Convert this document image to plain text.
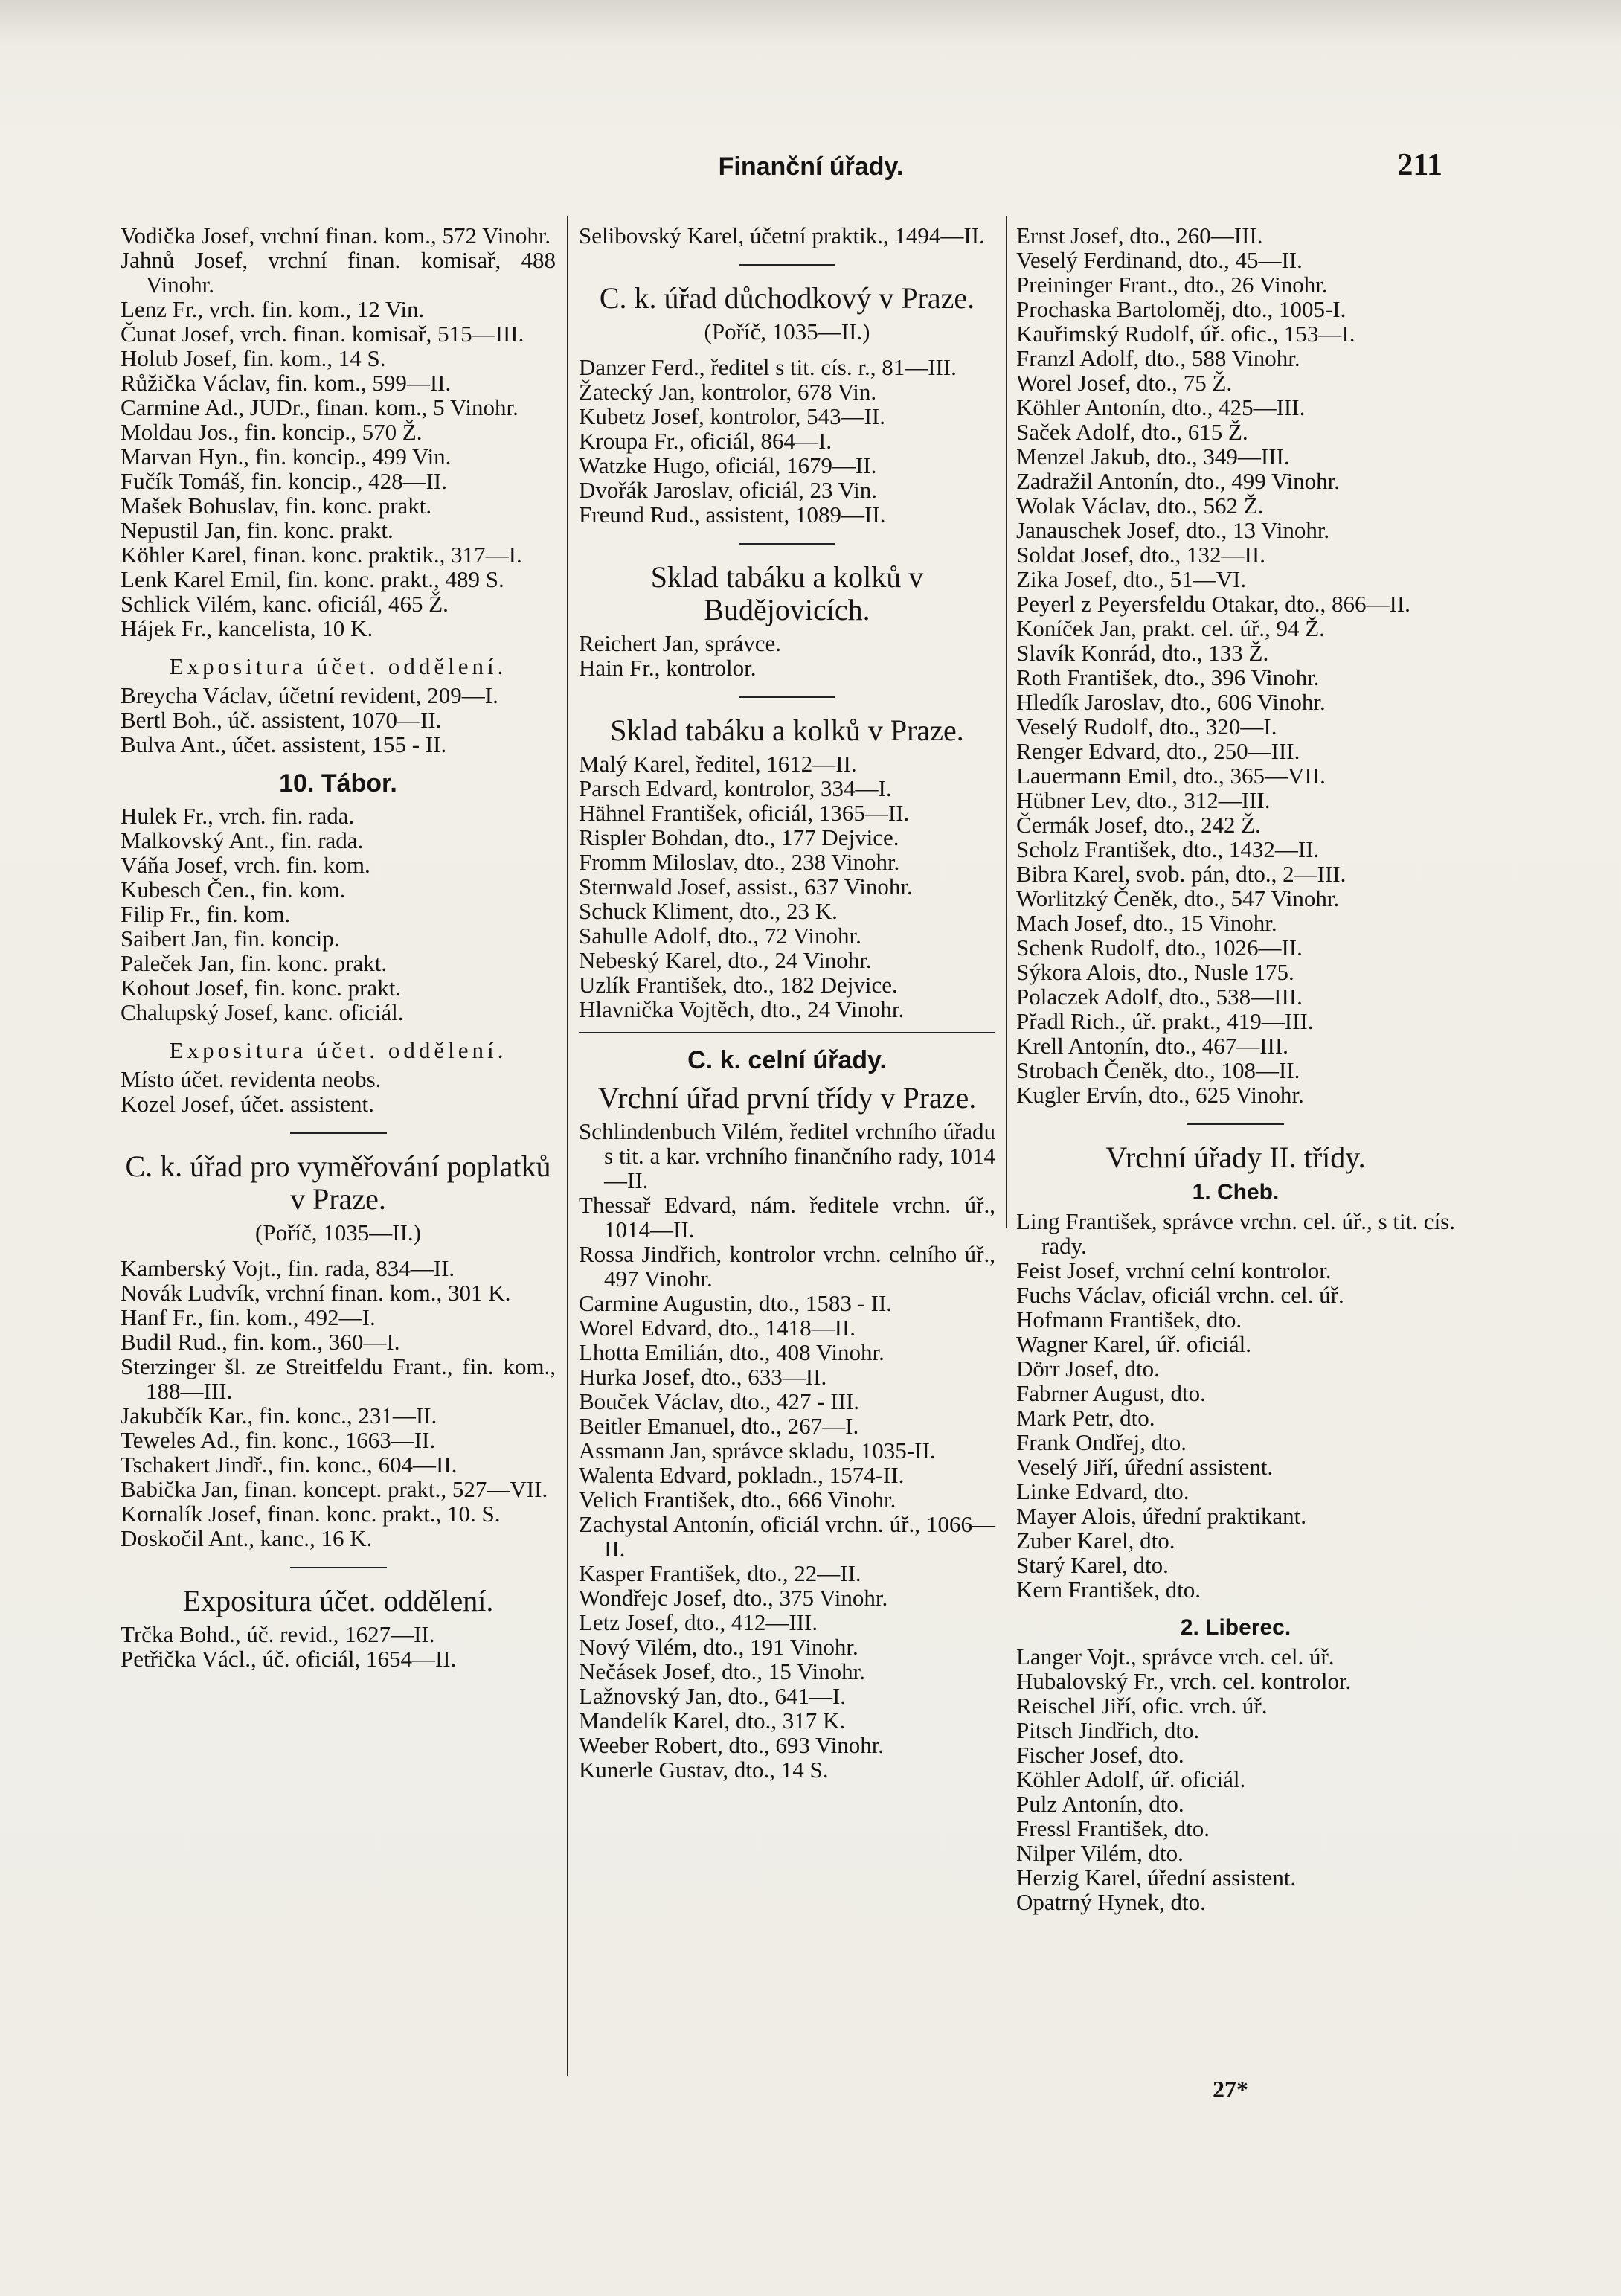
Finanční úřady.	211
Vodička Josef, vrchní finan. kom., 572 Vinohr.
Jahnů Josef, vrchní finan. komisař, 488 Vinohr.
Lenz Fr., vrch. fin. kom., 12 Vin.
Čunat Josef, vrch. finan. komisař, 515—III.
Holub Josef, fin. kom., 14 S.
Růžička Václav, fin. kom., 599—II.
Carmine Ad., JUDr., finan. kom., 5 Vinohr.
Moldau Jos., fin. koncip., 570 Ž.
Marvan Hyn., fin. koncip., 499 Vin.
Fučík Tomáš, fin. koncip., 428—II.
Mašek Bohuslav, fin. konc. prakt.
Nepustil Jan, fin. konc. prakt.
Köhler Karel, finan. konc. praktik., 317—I.
Lenk Karel Emil, fin. konc. prakt., 489 S.
Schlick Vilém, kanc. oficiál, 465 Ž.
Hájek Fr., kancelista, 10 K.
Expositura účet. oddělení.
Breycha Václav, účetní revident, 209—I.
Bertl Boh., úč. assistent, 1070—II.
Bulva Ant., účet. assistent, 155 - II.
10. Tábor.
Hulek Fr., vrch. fin. rada.
Malkovský Ant., fin. rada.
Váňa Josef, vrch. fin. kom.
Kubesch Čen., fin. kom.
Filip Fr., fin. kom.
Saibert Jan, fin. koncip.
Paleček Jan, fin. konc. prakt.
Kohout Josef, fin. konc. prakt.
Chalupský Josef, kanc. oficiál.
Expositura účet. oddělení.
Místo účet. revidenta neobs.
Kozel Josef, účet. assistent.
C. k. úřad pro vyměřování poplatků v Praze.
(Poříč, 1035—II.)
Kamberský Vojt., fin. rada, 834—II.
Novák Ludvík, vrchní finan. kom., 301 K.
Hanf Fr., fin. kom., 492—I.
Budil Rud., fin. kom., 360—I.
Sterzinger šl. ze Streitfeldu Frant., fin. kom., 188—III.
Jakubčík Kar., fin. konc., 231—II.
Teweles Ad., fin. konc., 1663—II.
Tschakert Jindř., fin. konc., 604—II.
Babička Jan, finan. koncept. prakt., 527—VII.
Kornalík Josef, finan. konc. prakt., 10. S.
Doskočil Ant., kanc., 16 K.
Expositura účet. oddělení.
Trčka Bohd., úč. revid., 1627—II.
Petřička Václ., úč. oficiál, 1654—II.
Selibovský Karel, účetní praktik., 1494—II.
C. k. úřad důchodkový v Praze.
(Poříč, 1035—II.)
Danzer Ferd., ředitel s tit. cís. r., 81—III.
Žatecký Jan, kontrolor, 678 Vin.
Kubetz Josef, kontrolor, 543—II.
Kroupa Fr., oficiál, 864—I.
Watzke Hugo, oficiál, 1679—II.
Dvořák Jaroslav, oficiál, 23 Vin.
Freund Rud., assistent, 1089—II.
Sklad tabáku a kolků v Budějovicích.
Reichert Jan, správce.
Hain Fr., kontrolor.
Sklad tabáku a kolků v Praze.
Malý Karel, ředitel, 1612—II.
Parsch Edvard, kontrolor, 334—I.
Hähnel František, oficiál, 1365—II.
Rispler Bohdan, dto., 177 Dejvice.
Fromm Miloslav, dto., 238 Vinohr.
Sternwald Josef, assist., 637 Vinohr.
Schuck Kliment, dto., 23 K.
Sahulle Adolf, dto., 72 Vinohr.
Nebeský Karel, dto., 24 Vinohr.
Uzlík František, dto., 182 Dejvice.
Hlavnička Vojtěch, dto., 24 Vinohr.
C. k. celní úřady.
Vrchní úřad první třídy v Praze.
Schlindenbuch Vilém, ředitel vrchního úřadu s tit. a kar. vrchního finančního rady, 1014—II.
Thessař Edvard, nám. ředitele vrchn. úř., 1014—II.
Rossa Jindřich, kontrolor vrchn. celního úř., 497 Vinohr.
Carmine Augustin, dto., 1583 - II.
Worel Edvard, dto., 1418—II.
Lhotta Emilián, dto., 408 Vinohr.
Hurka Josef, dto., 633—II.
Bouček Václav, dto., 427 - III.
Beitler Emanuel, dto., 267—I.
Assmann Jan, správce skladu, 1035-II.
Walenta Edvard, pokladn., 1574-II.
Velich František, dto., 666 Vinohr.
Zachystal Antonín, oficiál vrchn. úř., 1066—II.
Kasper František, dto., 22—II.
Wondřejc Josef, dto., 375 Vinohr.
Letz Josef, dto., 412—III.
Nový Vilém, dto., 191 Vinohr.
Nečásek Josef, dto., 15 Vinohr.
Lažnovský Jan, dto., 641—I.
Mandelík Karel, dto., 317 K.
Weeber Robert, dto., 693 Vinohr.
Kunerle Gustav, dto., 14 S.
Ernst Josef, dto., 260—III.
Veselý Ferdinand, dto., 45—II.
Preininger Frant., dto., 26 Vinohr.
Prochaska Bartoloměj, dto., 1005-I.
Kauřimský Rudolf, úř. ofic., 153—I.
Franzl Adolf, dto., 588 Vinohr.
Worel Josef, dto., 75 Ž.
Köhler Antonín, dto., 425—III.
Saček Adolf, dto., 615 Ž.
Menzel Jakub, dto., 349—III.
Zadražil Antonín, dto., 499 Vinohr.
Wolak Václav, dto., 562 Ž.
Janauschek Josef, dto., 13 Vinohr.
Soldat Josef, dto., 132—II.
Zika Josef, dto., 51—VI.
Peyerl z Peyersfeldu Otakar, dto., 866—II.
Koníček Jan, prakt. cel. úř., 94 Ž.
Slavík Konrád, dto., 133 Ž.
Roth František, dto., 396 Vinohr.
Hledík Jaroslav, dto., 606 Vinohr.
Veselý Rudolf, dto., 320—I.
Renger Edvard, dto., 250—III.
Lauermann Emil, dto., 365—VII.
Hübner Lev, dto., 312—III.
Čermák Josef, dto., 242 Ž.
Scholz František, dto., 1432—II.
Bibra Karel, svob. pán, dto., 2—III.
Worlitzký Čeněk, dto., 547 Vinohr.
Mach Josef, dto., 15 Vinohr.
Schenk Rudolf, dto., 1026—II.
Sýkora Alois, dto., Nusle 175.
Polaczek Adolf, dto., 538—III.
Přadl Rich., úř. prakt., 419—III.
Krell Antonín, dto., 467—III.
Strobach Čeněk, dto., 108—II.
Kugler Ervín, dto., 625 Vinohr.
Vrchní úřady II. třídy.
1. Cheb.
Ling František, správce vrchn. cel. úř., s tit. cís. rady.
Feist Josef, vrchní celní kontrolor.
Fuchs Václav, oficiál vrchn. cel. úř.
Hofmann František, dto.
Wagner Karel, úř. oficiál.
Dörr Josef, dto.
Fabrner August, dto.
Mark Petr, dto.
Frank Ondřej, dto.
Veselý Jiří, úřední assistent.
Linke Edvard, dto.
Mayer Alois, úřední praktikant.
Zuber Karel, dto.
Starý Karel, dto.
Kern František, dto.
2. Liberec.
Langer Vojt., správce vrch. cel. úř.
Hubalovský Fr., vrch. cel. kontrolor.
Reischel Jiří, ofic. vrch. úř.
Pitsch Jindřich, dto.
Fischer Josef, dto.
Köhler Adolf, úř. oficiál.
Pulz Antonín, dto.
Fressl František, dto.
Nilper Vilém, dto.
Herzig Karel, úřední assistent.
Opatrný Hynek, dto.
27*
